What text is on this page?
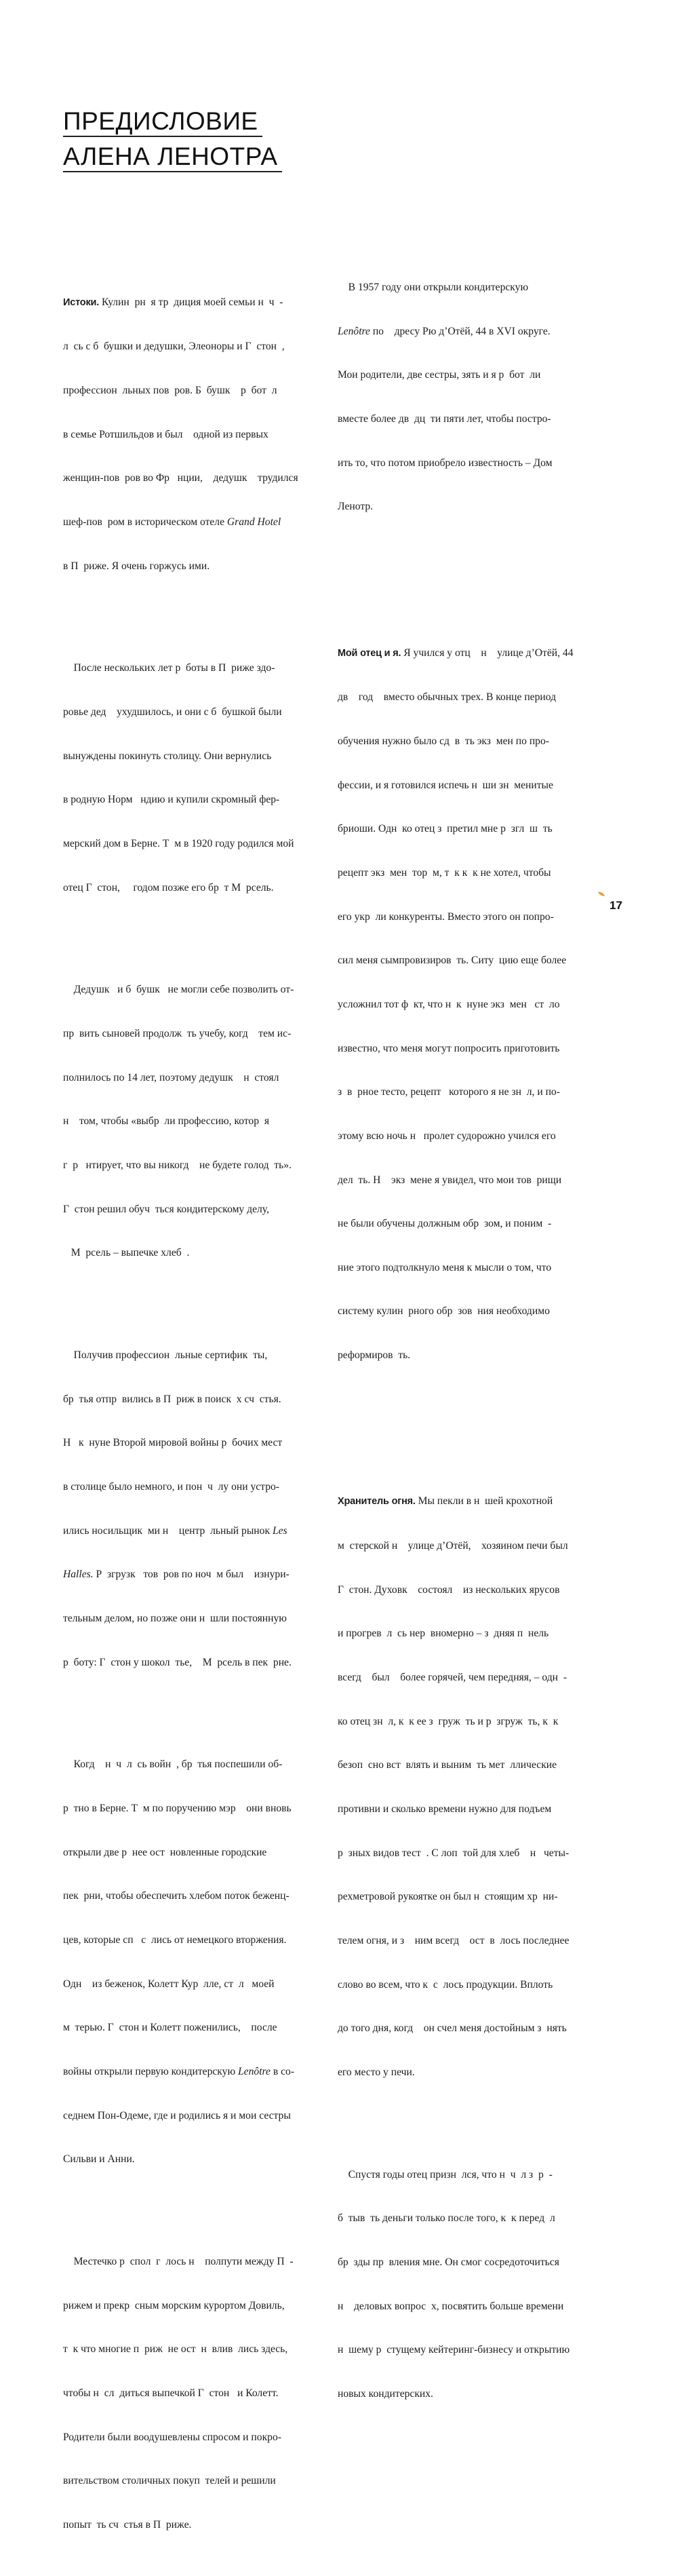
ПРЕДИСЛОВИЕ
АЛЕНА ЛЕНОТРА

Истоки. Кулин  рн  я тр  диция моей семьи н  ч  -

л  сь с б  бушки и дедушки, Элеоноры и Г  стон  ,

профессион  льных пов  ров. Б  бушк    р  бот  л

в семье Ротшильдов и был    одной из первых

женщин-пов  ров во Фр   нции,    дедушк    трудился

шеф-пов  ром в историческом отеле Grand Hotel

в П  риже. Я очень горжусь ими.

После нескольких лет р  боты в П  риже здо-

ровье дед    ухудшилось, и они с б  бушкой были

вынуждены покинуть столицу. Они вернулись

в родную Норм   ндию и купили скромный фер-

мерский дом в Берне. Т  м в 1920 году родился мой

отец Г  стон,     годом позже его бр  т М  рсель.

Дедушк   и б  бушк   не могли себе позволить от-

пр  вить сыновей продолж  ть учебу, когд    тем ис-

полнилось по 14 лет, поэтому дедушк    н  стоял

н    том, чтобы «выбр  ли профессию, котор  я

г  р   нтирует, что вы никогд    не будете голод  ть».

Г  стон решил обуч  ться кондитерскому делу,

М  рсель – выпечке хлеб  .

Получив профессион  льные сертифик  ты,

бр  тья отпр  вились в П  риж в поиск  х сч  стья.

Н   к  нуне Второй мировой войны р  бочих мест

в столице было немного, и пон  ч  лу они устро-

ились носильщик  ми н    центр  льный рынок Les

Halles. Р  згрузк   тов  ров по ноч  м был    изнури-

тельным делом, но позже они н  шли постоянную

р  боту: Г  стон у шокол  тье,    М  рсель в пек  рне.

Когд    н  ч  л  сь войн  , бр  тья поспешили об-

р  тно в Берне. Т  м по поручению мэр    они вновь

открыли две р  нее ост  новленные городские

пек  рни, чтобы обеспечить хлебом поток беженц-

цев, которые сп   с  лись от немецкого вторжения.

Одн    из беженок, Колетт Кур  лле, ст  л   моей

м  терью. Г  стон и Колетт поженились,    после

войны открыли первую кондитерскую Lenôtre в со-

седнем Пон-Одеме, где и родились я и мои сестры

Сильви и Анни.

Местечко р  спол  г  лось н    полпути между П  -

рижем и прекр  сным морским курортом Довиль,

т  к что многие п  риж  не ост  н  влив  лись здесь,

чтобы н  сл  диться выпечкой Г  стон   и Колетт.

Родители были воодушевлены спросом и покро-

вительством столичных покуп  телей и решили

попыт  ть сч  стья в П  риже.

В 1957 году они открыли кондитерскую

Lenôtre по    дресу Рю д’Отёй, 44 в XVI округе.

Мои родители, две сестры, зять и я р  бот  ли

вместе более дв  дц  ти пяти лет, чтобы постро-

ить то, что потом приобрело известность – Дом

Ленотр.

Мой отец и я. Я учился у отц    н    улице д’Отёй, 44

дв    год    вместо обычных трех. В конце период

обучения нужно было сд  в  ть экз  мен по про-

фессии, и я готовился испечь н  ши зн  менитые

бриоши. Одн  ко отец з  претил мне р  згл  ш  ть

рецепт экз  мен  тор  м, т  к к  к не хотел, чтобы

его укр  ли конкуренты. Вместо этого он попро-

сил меня сымпровизиров  ть. Ситу  цию еще более

усложнил тот ф  кт, что н  к  нуне экз  мен   ст  ло

известно, что меня могут попросить приготовить

з  в  рное тесто, рецепт   которого я не зн  л, и по-

этому всю ночь н   пролет судорожно учился его

дел  ть. Н    экз  мене я увидел, что мои тов  рищи

не были обучены должным обр  зом, и поним  -

ние этого подтолкнуло меня к мысли о том, что

систему кулин  рного обр  зов  ния необходимо

реформиров  ть.

Хранитель огня. Мы пекли в н  шей крохотной

м  стерской н    улице д’Отёй,    хозяином печи был

Г  стон. Духовк    состоял    из нескольких ярусов

и прогрев  л  сь нер  вномерно – з  дняя п  нель

всегд    был    более горячей, чем передняя, – одн  -

ко отец зн  л, к  к ее з  груж  ть и р  згруж  ть, к  к

безоп  сно вст  влять и выним  ть мет  ллические

противни и сколько времени нужно для подъем

р  зных видов тест  . С лоп  той для хлеб    н   четы-

рехметровой рукоятке он был н  стоящим хр  ни-

телем огня, и з    ним всегд    ост  в  лось последнее

слово во всем, что к  с  лось продукции. Вплоть

до того дня, когд    он счел меня достойным з  нять

его место у печи.

Спустя годы отец призн  лся, что н  ч  л з  р  -

б  тыв  ть деньги только после того, к  к перед  л

бр  зды пр  вления мне. Он смог сосредоточиться

н    деловых вопрос  х, посвятить больше времени

н  шему р  стущему кейтеринг-бизнесу и открытию

новых кондитерских.

17
